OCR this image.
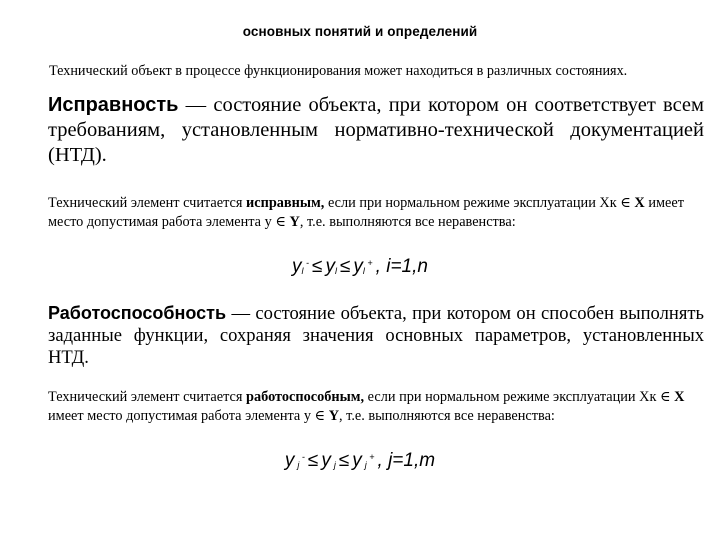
основных понятий и определений
Технический объект в процессе функционирования может находиться в различных состояниях.
Исправность — состояние объекта, при котором он соответствует всем требованиям, установленным нормативно-технической документацией (НТД).
Технический элемент считается исправным, если при нормальном режиме эксплуатации Хк ∈ X имеет место допустимая работа элемента y ∈ Y, т.е. выполняются все неравенства:
$y_l$ $^- \le y_l \le y_l$ + , i=1,n
Работоспособность — состояние объекта, при котором он способен выполнять заданные функции, сохраняя значения основных параметров, установленных НТД.
Технический элемент считается работоспособным, если при нормальном режиме эксплуатации Хк ∈ X имеет место допустимая работа элемента y ∈ Y, т.е. выполняются все неравенства:
y $_j$ - ≤ y $_j$ ≤ y $_j$ + , j=1,m
